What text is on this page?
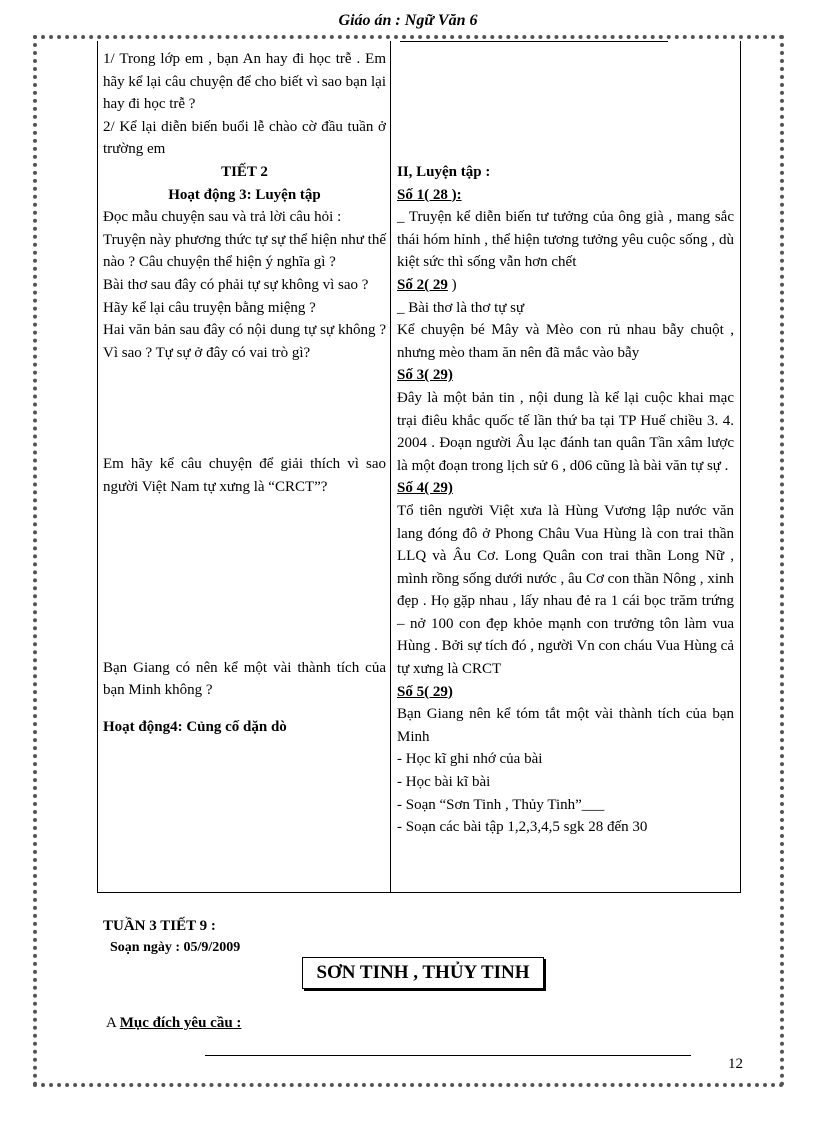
Giáo án : Ngữ Văn 6

1/ Trong lớp em , bạn An hay đi học trễ . Em hãy kể lại câu chuyện để cho biết vì sao bạn lại hay đi học trễ ?

2/ Kể lại diễn biến buổi lễ chào cờ đầu tuần ở trường em

TIẾT 2

Hoạt động 3: Luyện tập

Đọc mẫu chuyện sau và trả lời câu hỏi :

Truyện này phương thức tự sự thể hiện như thế nào ? Câu chuyện thể hiện ý nghĩa gì ?

Bài thơ sau đây có phải tự sự không vì sao ?

Hãy kể lại câu truyện bằng miệng ?

Hai văn bản sau đây có nội dung tự sự không ? Vì sao ? Tự sự ở đây có vai trò gì?

Em hãy kể câu chuyện để giải thích vì sao người Việt Nam tự xưng là “CRCT”?

Bạn Giang có nên kể một vài thành tích của bạn Minh không ?

Hoạt động4: Củng cố dặn dò

II, Luyện tập :

Số 1( 28 ):

_ Truyện kể diễn biến tư tưởng của ông già , mang sắc thái hóm hỉnh , thể hiện tương tưởng yêu cuộc sống , dù kiệt sức thì sống vẫn hơn chết

Số 2( 29 )

_ Bài thơ là thơ tự sự

Kể chuyện bé Mây và Mèo con rủ nhau bẫy chuột , nhưng mèo tham ăn nên đã mắc vào bẫy

Số 3( 29)

Đây là một bản tin , nội dung là kể lại cuộc khai mạc trại điêu khắc quốc tế lần thứ ba tại TP Huế chiều 3. 4. 2004 . Đoạn người Âu lạc đánh tan quân Tần xâm lược là một đoạn trong lịch sử 6 , d06 cũng là bài văn tự sự .

Số 4( 29)

Tổ tiên người Việt xưa là Hùng Vương lập nước văn lang đóng đô ở Phong Châu Vua Hùng là con trai thần LLQ và Âu Cơ. Long Quân con trai thần Long Nữ , mình rồng sống dưới nước , âu Cơ con thần Nông , xinh đẹp . Họ gặp nhau , lấy nhau đẻ ra 1 cái bọc trăm trứng – nở 100 con đẹp khỏe mạnh con trưởng tôn làm vua Hùng . Bởi sự tích đó , người Vn con cháu Vua Hùng cả tự xưng là CRCT

Số 5( 29)

Bạn Giang nên kể tóm tắt một vài thành tích của bạn Minh

- Học kĩ ghi nhớ của bài

- Học bài kĩ bài

- Soạn “Sơn Tinh , Thủy Tinh”___

- Soạn các bài tập 1,2,3,4,5 sgk 28 đến 30

TUẦN 3 TIẾT 9 :
Soạn ngày : 05/9/2009
SƠN TINH , THỦY TINH
A Mục đích yêu cầu :
12
